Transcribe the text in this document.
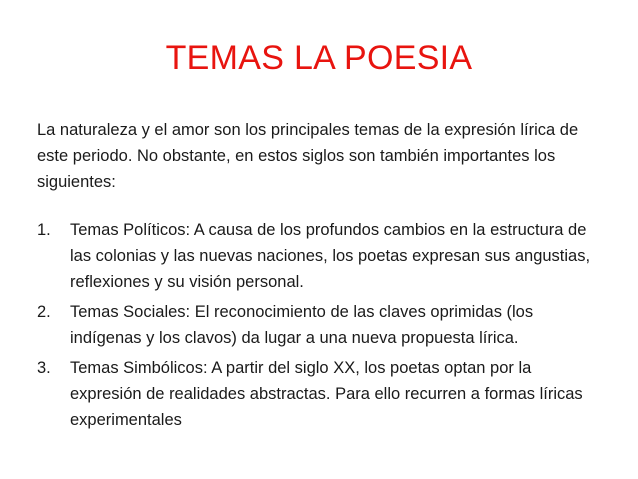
TEMAS LA POESIA

La naturaleza y el amor son los principales temas de la expresión lírica de este periodo. No obstante, en estos siglos son también importantes los siguientes:

1. Temas Políticos: A causa de los profundos cambios en la estructura de las colonias y las nuevas naciones, los poetas expresan sus angustias, reflexiones y su visión personal.
2. Temas Sociales: El reconocimiento de las claves oprimidas (los indígenas y los clavos) da lugar a una nueva propuesta lírica.
3. Temas Simbólicos: A partir del siglo XX, los poetas optan por la expresión de realidades abstractas. Para ello recurren a formas líricas experimentales
